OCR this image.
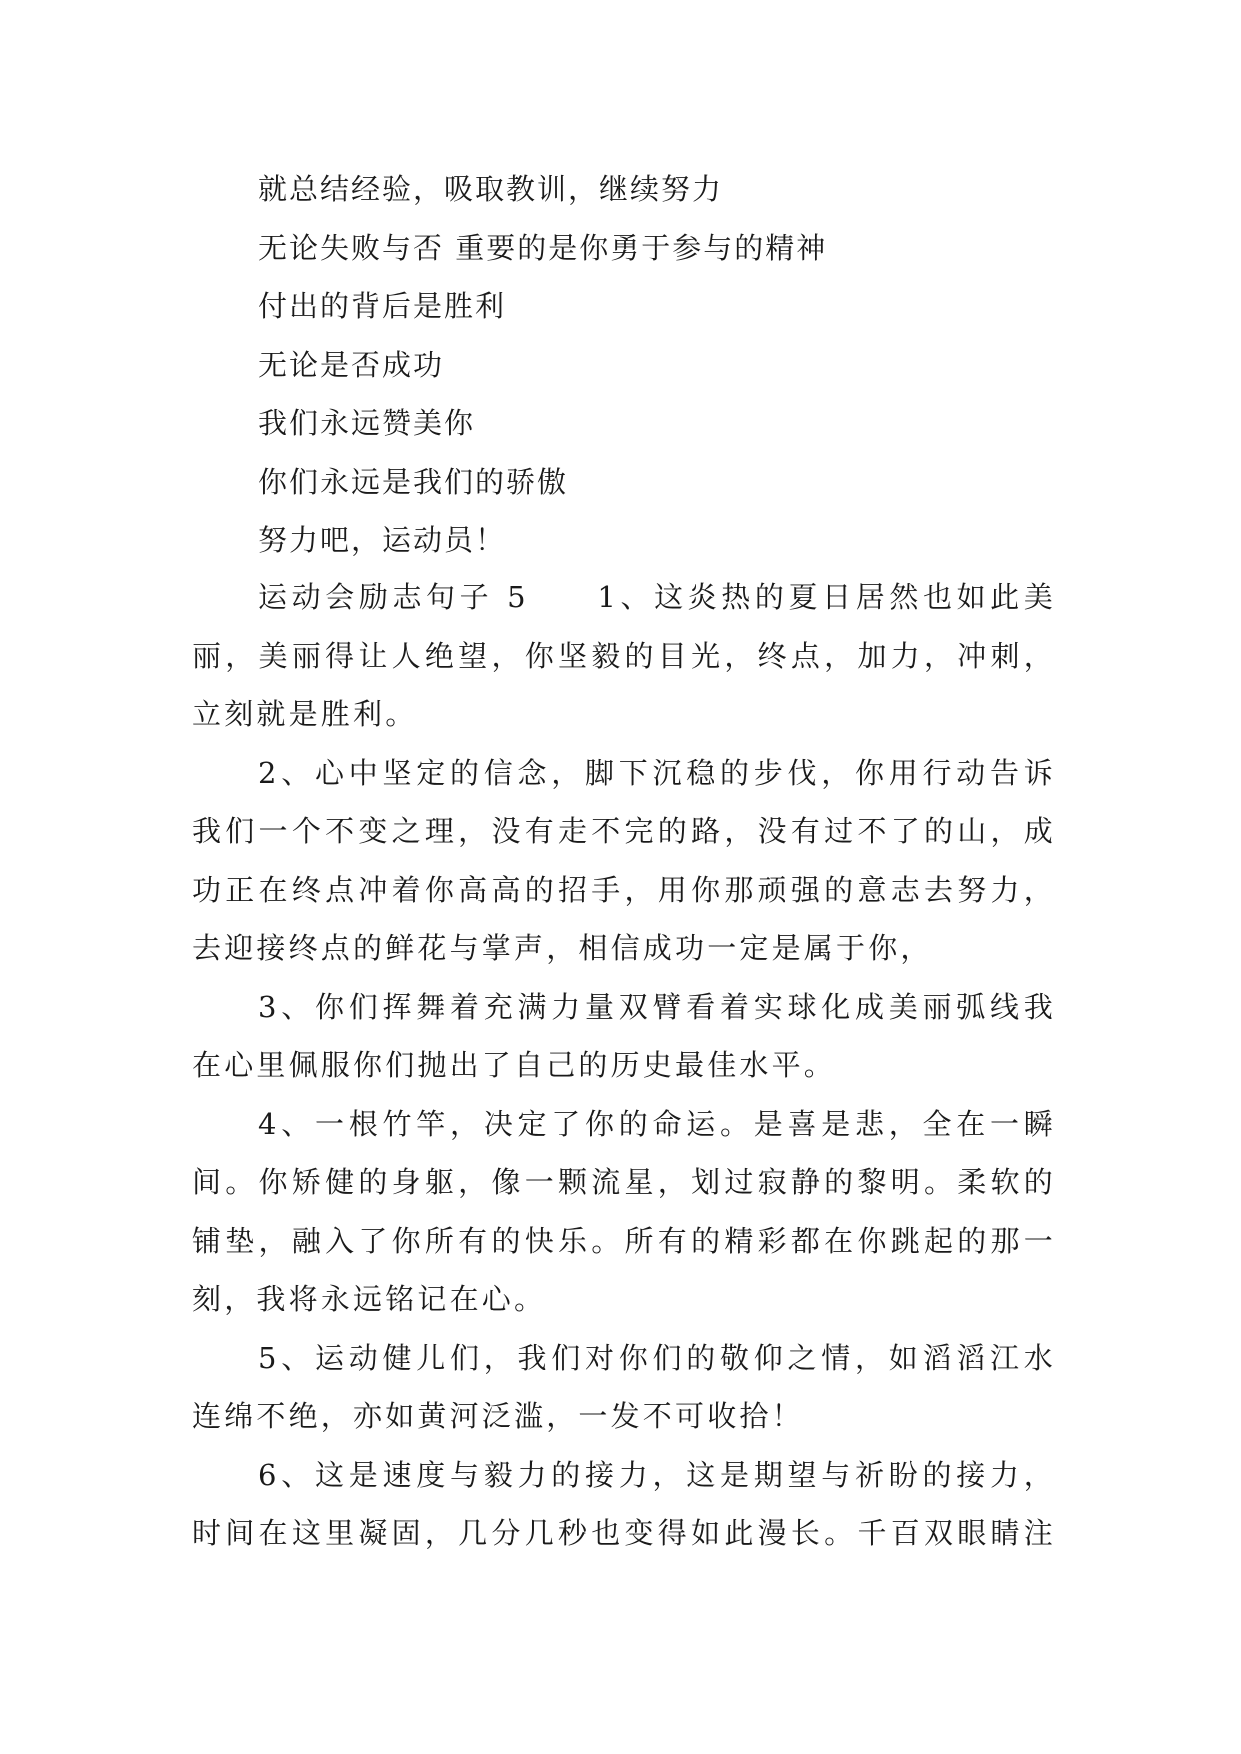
就总结经验，吸取教训，继续努力
无论失败与否 重要的是你勇于参与的精神
付出的背后是胜利
无论是否成功
我们永远赞美你
你们永远是我们的骄傲
努力吧，运动员！
运动会励志句子 5　　1、这炎热的夏日居然也如此美
丽，美丽得让人绝望，你坚毅的目光，终点，加力，冲刺，
立刻就是胜利。
2、心中坚定的信念，脚下沉稳的步伐，你用行动告诉
我们一个不变之理，没有走不完的路，没有过不了的山，成
功正在终点冲着你高高的招手，用你那顽强的意志去努力，
去迎接终点的鲜花与掌声，相信成功一定是属于你，
3、你们挥舞着充满力量双臂看着实球化成美丽弧线我
在心里佩服你们抛出了自己的历史最佳水平。
4、一根竹竿，决定了你的命运。是喜是悲，全在一瞬
间。你矫健的身躯，像一颗流星，划过寂静的黎明。柔软的
铺垫，融入了你所有的快乐。所有的精彩都在你跳起的那一
刻，我将永远铭记在心。
5、运动健儿们，我们对你们的敬仰之情，如滔滔江水
连绵不绝，亦如黄河泛滥，一发不可收拾！
6、这是速度与毅力的接力，这是期望与祈盼的接力，
时间在这里凝固，几分几秒也变得如此漫长。千百双眼睛注
